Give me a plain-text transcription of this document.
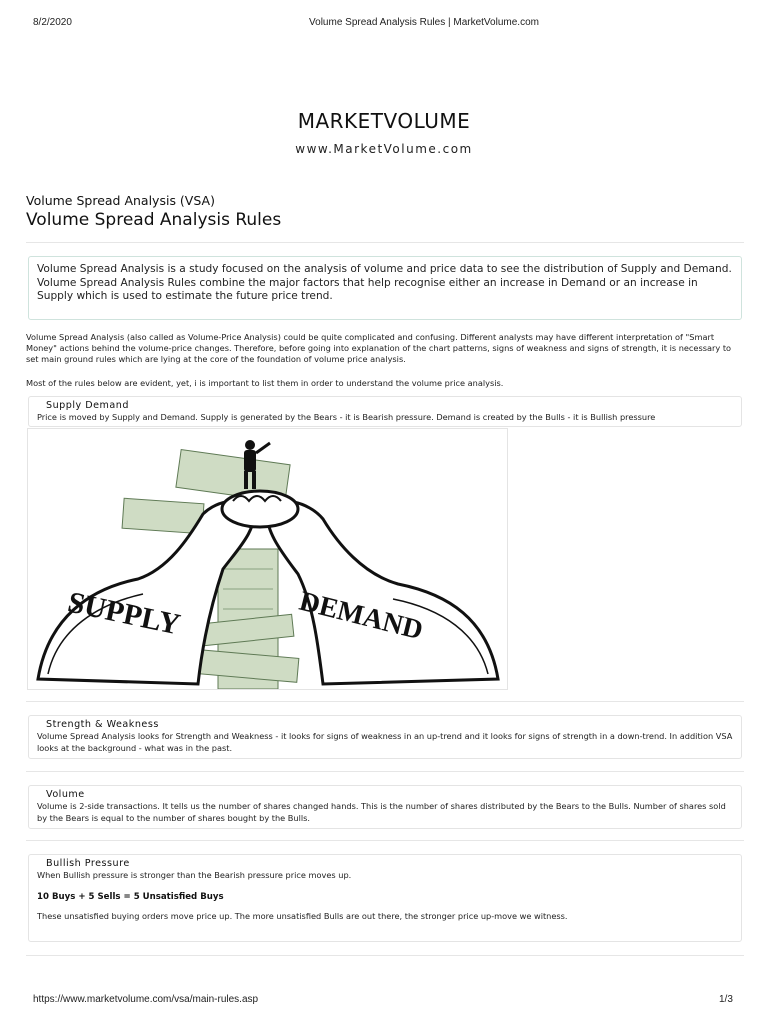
8/2/2020	Volume Spread Analysis Rules | MarketVolume.com
MARKETVOLUME
www.MarketVolume.com
Volume Spread Analysis (VSA)
Volume Spread Analysis Rules
Volume Spread Analysis is a study focused on the analysis of volume and price data to see the distribution of Supply and Demand. Volume Spread Analysis Rules combine the major factors that help recognise either an increase in Demand or an increase in Supply which is used to estimate the future price trend.
Volume Spread Analysis (also called as Volume-Price Analysis) could be quite complicated and confusing. Different analysts may have different interpretation of "Smart Money" actions behind the volume-price changes. Therefore, before going into explanation of the chart patterns, signs of weakness and signs of strength, it is necessary to set main ground rules which are lying at the core of the foundation of volume price analysis.
Most of the rules below are evident, yet, i is important to list them in order to understand the volume price analysis.
Supply Demand
Price is moved by Supply and Demand. Supply is generated by the Bears - it is Bearish pressure. Demand is created by the Bulls - it is Bullish pressure
SUPPLY	DEMAND
Strength & Weakness
Volume Spread Analysis looks for Strength and Weakness - it looks for signs of weakness in an up-trend and it looks for signs of strength in a down-trend. In addition VSA looks at the background - what was in the past.
Volume
Volume is 2-side transactions. It tells us the number of shares changed hands. This is the number of shares distributed by the Bears to the Bulls. Number of shares sold by the Bears is equal to the number of shares bought by the Bulls.
Bullish Pressure
When Bullish pressure is stronger than the Bearish pressure price moves up.
10 Buys + 5 Sells = 5 Unsatisfied Buys
These unsatisfied buying orders move price up. The more unsatisfied Bulls are out there, the stronger price up-move we witness.
https://www.marketvolume.com/vsa/main-rules.asp	1/3
